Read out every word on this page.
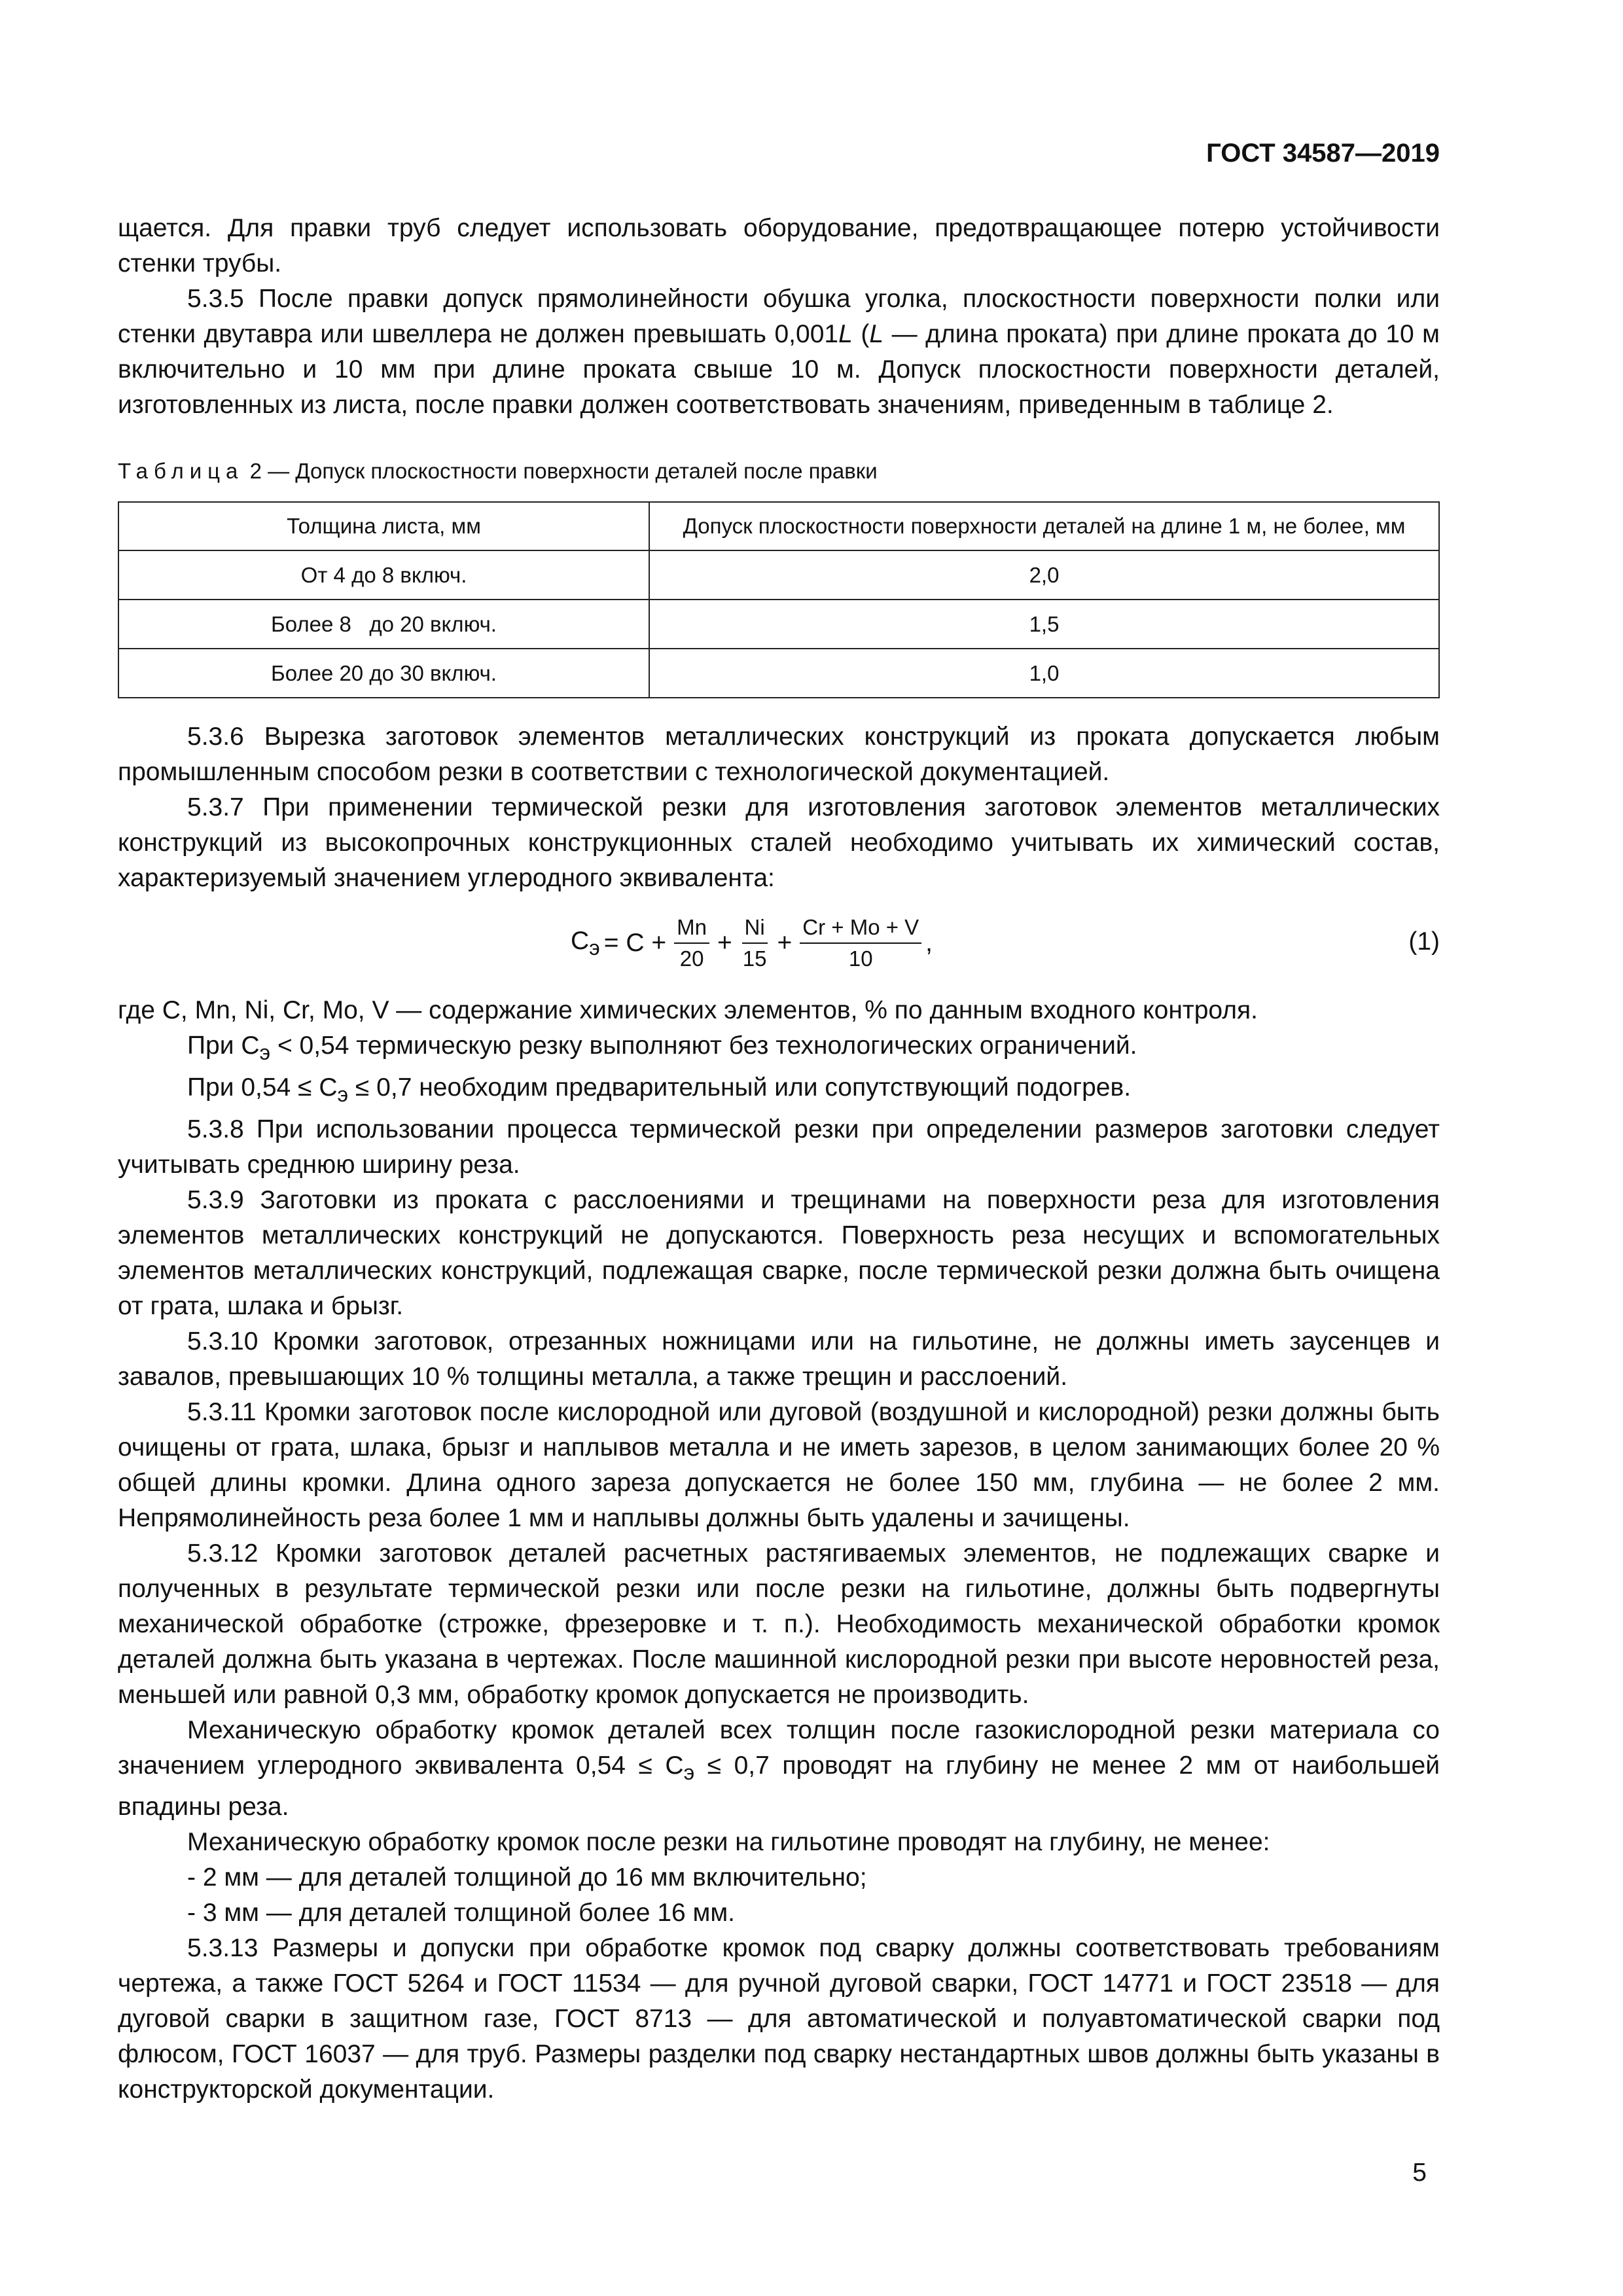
ГОСТ 34587—2019

щается. Для правки труб следует использовать оборудование, предотвращающее потерю устойчивости стенки трубы.

5.3.5 После правки допуск прямолинейности обушка уголка, плоскостности поверхности полки или стенки двутавра или швеллера не должен превышать 0,001L (L — длина проката) при длине проката до 10 м включительно и 10 мм при длине проката свыше 10 м. Допуск плоскостности поверхности деталей, изготовленных из листа, после правки должен соответствовать значениям, приведенным в таблице 2.

Таблица 2 — Допуск плоскостности поверхности деталей после правки
Толщина листа, мм	Допуск плоскостности поверхности деталей на длине 1 м, не более, мм
От 4 до 8 включ.	2,0
Более 8   до 20 включ.	1,5
Более 20 до 30 включ.	1,0

5.3.6 Вырезка заготовок элементов металлических конструкций из проката допускается любым промышленным способом резки в соответствии с технологической документацией.

5.3.7 При применении термической резки для изготовления заготовок элементов металлических конструкций из высокопрочных конструкционных сталей необходимо учитывать их химический состав, характеризуемый значением углеродного эквивалента:

$C_э = C + \frac{Mn}{20} + \frac{Ni}{15} + \frac{Cr + Mo + V}{10}$ ,	(1)

где C, Mn, Ni, Cr, Mo, V — содержание химических элементов, % по данным входного контроля.

При $C_э < 0,54$ термическую резку выполняют без технологических ограничений.

При $0,54 \le C_э \le 0,7$ необходим предварительный или сопутствующий подогрев.

5.3.8 При использовании процесса термической резки при определении размеров заготовки следует учитывать среднюю ширину реза.

5.3.9 Заготовки из проката с расслоениями и трещинами на поверхности реза для изготовления элементов металлических конструкций не допускаются. Поверхность реза несущих и вспомогательных элементов металлических конструкций, подлежащая сварке, после термической резки должна быть очищена от грата, шлака и брызг.

5.3.10 Кромки заготовок, отрезанных ножницами или на гильотине, не должны иметь заусенцев и завалов, превышающих 10 % толщины металла, а также трещин и расслоений.

5.3.11 Кромки заготовок после кислородной или дуговой (воздушной и кислородной) резки должны быть очищены от грата, шлака, брызг и наплывов металла и не иметь зарезов, в целом занимающих более 20 % общей длины кромки. Длина одного зареза допускается не более 150 мм, глубина — не более 2 мм. Непрямолинейность реза более 1 мм и наплывы должны быть удалены и зачищены.

5.3.12 Кромки заготовок деталей расчетных растягиваемых элементов, не подлежащих сварке и полученных в результате термической резки или после резки на гильотине, должны быть подвергнуты механической обработке (строжке, фрезеровке и т. п.). Необходимость механической обработки кромок деталей должна быть указана в чертежах. После машинной кислородной резки при высоте неровностей реза, меньшей или равной 0,3 мм, обработку кромок допускается не производить.

Механическую обработку кромок деталей всех толщин после газокислородной резки материала со значением углеродного эквивалента $0,54 \le C_э \le 0,7$ проводят на глубину не менее 2 мм от наибольшей впадины реза.

Механическую обработку кромок после резки на гильотине проводят на глубину, не менее:

- 2 мм — для деталей толщиной до 16 мм включительно;

- 3 мм — для деталей толщиной более 16 мм.

5.3.13 Размеры и допуски при обработке кромок под сварку должны соответствовать требованиям чертежа, а также ГОСТ 5264 и ГОСТ 11534 — для ручной дуговой сварки, ГОСТ 14771 и ГОСТ 23518 — для дуговой сварки в защитном газе, ГОСТ 8713 — для автоматической и полуавтоматической сварки под флюсом, ГОСТ 16037 — для труб. Размеры разделки под сварку нестандартных швов должны быть указаны в конструкторской документации.

5
